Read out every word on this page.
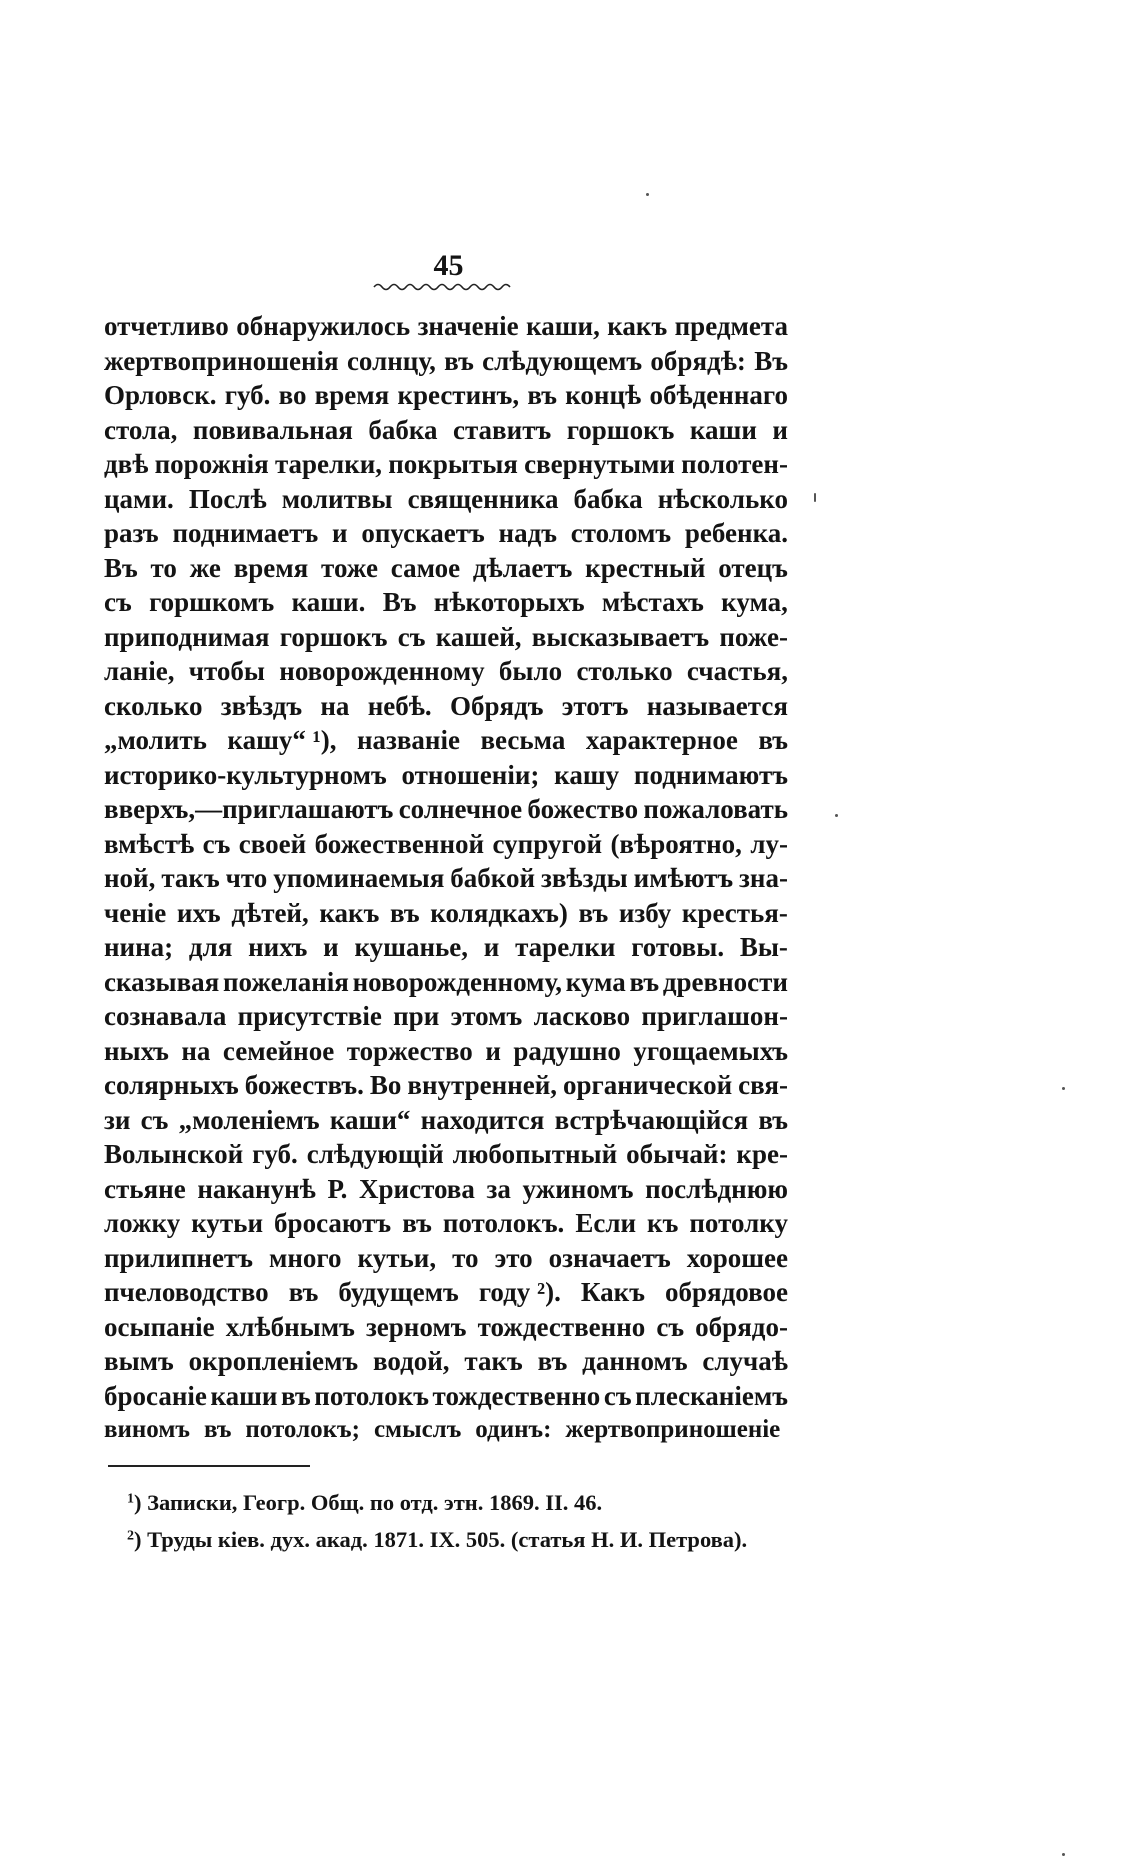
45
отчетливо обнаружилось значеніе каши, какъ предмета
жертвоприношенія солнцу, въ слѣдующемъ обрядѣ: Въ
Орловск. губ. во время крестинъ, въ концѣ обѣденнаго
стола, повивальная бабка ставитъ горшокъ каши и
двѣ порожнія тарелки, покрытыя свернутыми полотен-
цами. Послѣ молитвы священника бабка нѣсколько
разъ поднимаетъ и опускаетъ надъ столомъ ребенка.
Въ то же время тоже самое дѣлаетъ крестный отецъ
съ горшкомъ каши. Въ нѣкоторыхъ мѣстахъ кума,
приподнимая горшокъ съ кашей, высказываетъ поже-
ланіе, чтобы новорожденному было столько счастья,
сколько звѣздъ на небѣ. Обрядъ этотъ называется
„молить кашу“ ¹), названіе весьма характерное въ
историко-культурномъ отношеніи; кашу поднимаютъ
вверхъ,—приглашаютъ солнечное божество пожаловать
вмѣстѣ съ своей божественной супругой (вѣроятно, лу-
ной, такъ что упоминаемыя бабкой звѣзды имѣютъ зна-
ченіе ихъ дѣтей, какъ въ колядкахъ) въ избу крестья-
нина; для нихъ и кушанье, и тарелки готовы. Вы-
сказывая пожеланія новорожденному, кума въ древности
сознавала присутствіе при этомъ ласково приглашон-
ныхъ на семейное торжество и радушно угощаемыхъ
солярныхъ божествъ. Во внутренней, органической свя-
зи съ „моленіемъ каши“ находится встрѣчающійся въ
Волынской губ. слѣдующій любопытный обычай: кре-
стьяне наканунѣ Р. Христова за ужиномъ послѣднюю
ложку кутьи бросаютъ въ потолокъ. Если къ потолку
прилипнетъ много кутьи, то это означаетъ хорошее
пчеловодство въ будущемъ году ²). Какъ обрядовое
осыпаніе хлѣбнымъ зерномъ тождественно съ обрядо-
вымъ окропленіемъ водой, такъ въ данномъ случаѣ
бросаніе каши въ потолокъ тождественно съ плесканіемъ
виномъ въ потолокъ; смыслъ одинъ: жертвоприношеніе
$^1$) Записки, Геогр. Общ. по отд. этн. 1869. II. 46.
$^2$) Труды кіев. дух. акад. 1871. IX. 505. (статья Н. И. Петрова).
